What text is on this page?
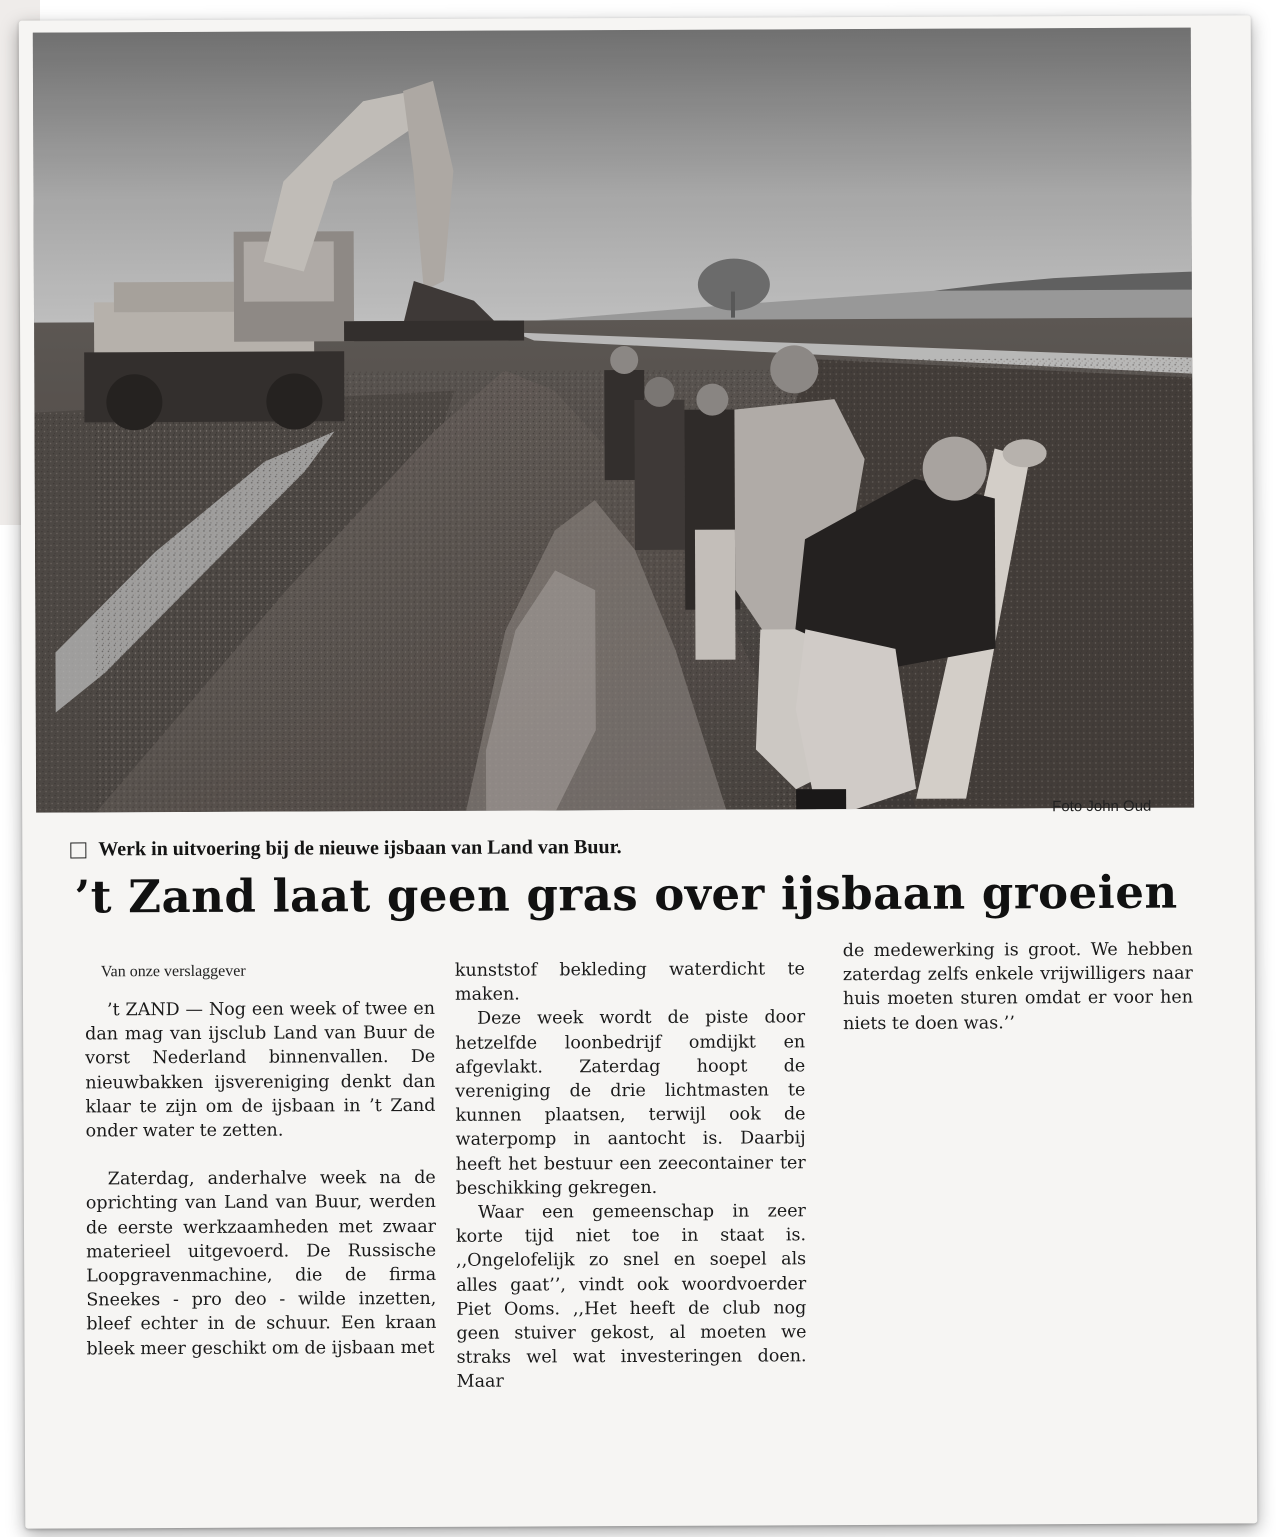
Foto John Oud
Werk in uitvoering bij de nieuwe ijsbaan van Land van Buur.
’t Zand laat geen gras over ijsbaan groeien
Van onze verslaggever

’t ZAND — Nog een week of twee en dan mag van ijsclub Land van Buur de vorst Nederland binnenvallen. De nieuwbakken ijsvereniging denkt dan klaar te zijn om de ijsbaan in ’t Zand onder water te zetten.

Zaterdag, anderhalve week na de oprichting van Land van Buur, werden de eerste werkzaamheden met zwaar materieel uitgevoerd. De Russische Loopgravenmachine, die de firma Sneekes - pro deo - wilde inzetten, bleef echter in de schuur. Een kraan bleek meer geschikt om de ijsbaan met

kunststof bekleding waterdicht te maken.

Deze week wordt de piste door hetzelfde loonbedrijf omdijkt en afgevlakt. Zaterdag hoopt de vereniging de drie lichtmasten te kunnen plaatsen, terwijl ook de waterpomp in aantocht is. Daarbij heeft het bestuur een zeecontainer ter beschikking gekregen.

Waar een gemeenschap in zeer korte tijd niet toe in staat is. ,,Ongelofelijk zo snel en soepel als alles gaat’’, vindt ook woordvoerder Piet Ooms. ,,Het heeft de club nog geen stuiver gekost, al moeten we straks wel wat investeringen doen. Maar

de medewerking is groot. We hebben zaterdag zelfs enkele vrijwilligers naar huis moeten sturen omdat er voor hen niets te doen was.’’
